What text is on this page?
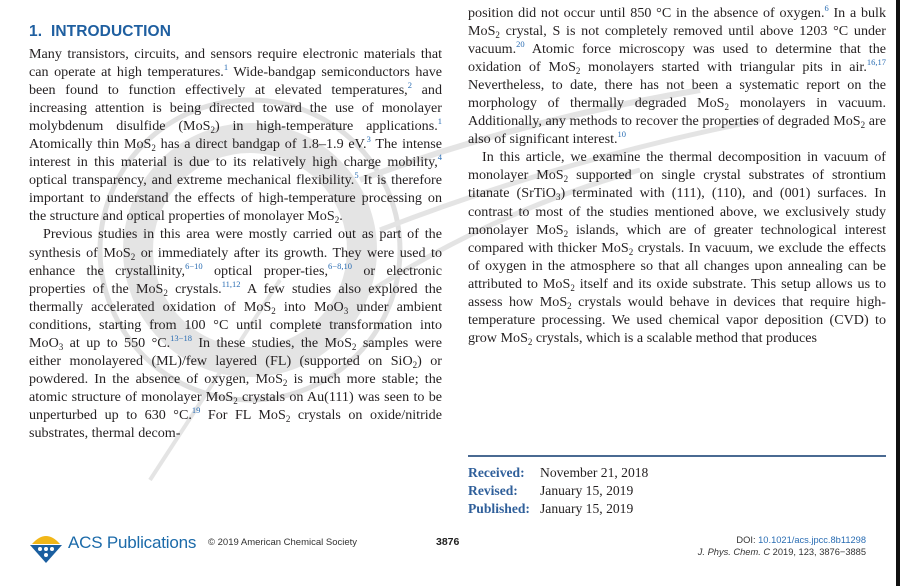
1. INTRODUCTION

Many transistors, circuits, and sensors require electronic materials that can operate at high temperatures.$^1$ Wide-bandgap semiconductors have been found to function effectively at elevated temperatures,$^2$ and increasing attention is being directed toward the use of monolayer molybdenum disulfide (MoS$_2$) in high-temperature applications.$^1$ Atomically thin MoS$_2$ has a direct bandgap of 1.8–1.9 eV.$^3$ The intense interest in this material is due to its relatively high charge mobility,$^4$ optical transparency, and extreme mechanical flexibility.$^5$ It is therefore important to understand the effects of high-temperature processing on the structure and optical properties of monolayer MoS$_2$.

Previous studies in this area were mostly carried out as part of the synthesis of MoS$_2$ or immediately after its growth. They were used to enhance the crystallinity,$^{6-10}$ optical proper-ties,$^{6-8,10}$ or electronic properties of the MoS$_2$ crystals.$^{11,12}$ A few studies also explored the thermally accelerated oxidation of MoS$_2$ into MoO$_3$ under ambient conditions, starting from 100 °C until complete transformation into MoO$_3$ at up to 550 °C.$^{13-18}$ In these studies, the MoS$_2$ samples were either monolayered (ML)/few layered (FL) (supported on SiO$_2$) or powdered. In the absence of oxygen, MoS$_2$ is much more stable; the atomic structure of monolayer MoS$_2$ crystals on Au(111) was seen to be unperturbed up to 630 °C.$^{19}$ For FL MoS$_2$ crystals on oxide/nitride substrates, thermal decom-

position did not occur until 850 °C in the absence of oxygen.$^6$ In a bulk MoS$_2$ crystal, S is not completely removed until above 1203 °C under vacuum.$^{20}$ Atomic force microscopy was used to determine that the oxidation of MoS$_2$ monolayers started with triangular pits in air.$^{16,17}$ Nevertheless, to date, there has not been a systematic report on the morphology of thermally degraded MoS$_2$ monolayers in vacuum. Additionally, any methods to recover the properties of degraded MoS$_2$ are also of significant interest.$^{10}$

In this article, we examine the thermal decomposition in vacuum of monolayer MoS$_2$ supported on single crystal substrates of strontium titanate (SrTiO$_3$) terminated with (111), (110), and (001) surfaces. In contrast to most of the studies mentioned above, we exclusively study monolayer MoS$_2$ islands, which are of greater technological interest compared with thicker MoS$_2$ crystals. In vacuum, we exclude the effects of oxygen in the atmosphere so that all changes upon annealing can be attributed to MoS$_2$ itself and its oxide substrate. This setup allows us to assess how MoS$_2$ crystals would behave in devices that require high-temperature processing. We used chemical vapor deposition (CVD) to grow MoS$_2$ crystals, which is a scalable method that produces

Received:	November 21, 2018
Revised:	January 15, 2019
Published: January 15, 2019
ACS Publications © 2019 American Chemical Society	3876	DOI: 10.1021/acs.jpcc.8b11298
J. Phys. Chem. C 2019, 123, 3876−3885
